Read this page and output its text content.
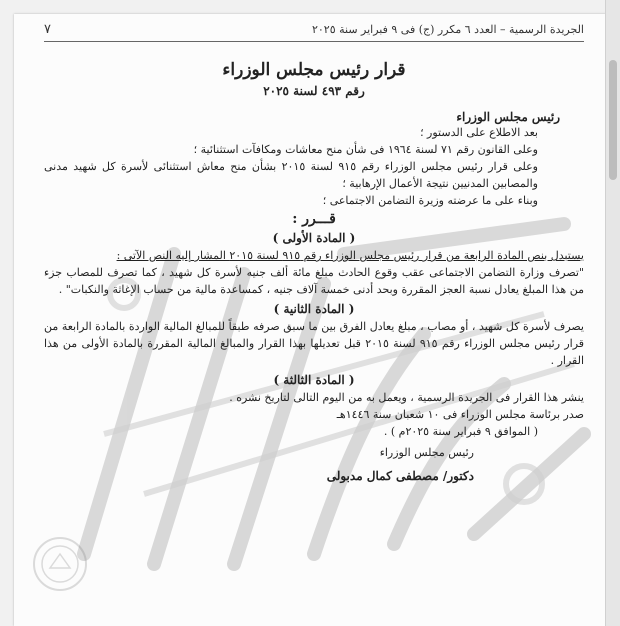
الجريدة الرسمية – العدد ٦ مكرر (ج) فى ٩ فبراير سنة ٢٠٢٥
٧
قرار رئيس مجلس الوزراء
رقم ٤٩٣ لسنة ٢٠٢٥
رئيس مجلس الوزراء

بعد الاطلاع على الدستور ؛

وعلى القانون رقم ٧١ لسنة ١٩٦٤ فى شأن منح معاشات ومكافآت استثنائية ؛

وعلى قرار رئيس مجلس الوزراء رقم ٩١٥ لسنة ٢٠١٥ بشأن منح معاش استثنائى لأسرة كل شهيد مدنى والمصابين المدنيين نتيجة الأعمال الإرهابية ؛

وبناء على ما عرضته وزيرة التضامن الاجتماعى ؛

قـــرر :
( المادة الأولى )

يستبدل بنص المادة الرابعة من قرار رئيس مجلس الوزراء رقم ٩١٥ لسنة ٢٠١٥ المشار إليه النص الآتى :

"تصرف وزارة التضامن الاجتماعى عقب وقوع الحادث مبلغ مائة ألف جنيه لأسرة كل شهيد ، كما تصرف للمصاب جزء من هذا المبلغ يعادل نسبة العجز المقررة وبحد أدنى خمسة آلاف جنيه ، كمساعدة مالية من حساب الإغاثة والنكبات" .

( المادة الثانية )

يصرف لأسرة كل شهيد ، أو مصاب ، مبلغ يعادل الفرق بين ما سبق صرفه طبقاً للمبالغ المالية الواردة بالمادة الرابعة من قرار رئيس مجلس الوزراء رقم ٩١٥ لسنة ٢٠١٥ قبل تعديلها بهذا القرار والمبالغ المالية المقررة بالمادة الأولى من هذا القرار .

( المادة الثالثة )

ينشر هذا القرار فى الجريدة الرسمية ، ويعمل به من اليوم التالى لتاريخ نشره .

صدر برئاسة مجلس الوزراء فى ١٠ شعبان سنة ١٤٤٦هـ

( الموافق ٩ فبراير سنة ٢٠٢٥م ) .

رئيس مجلس الوزراء
دكتور/ مصطفى كمال مدبولى
